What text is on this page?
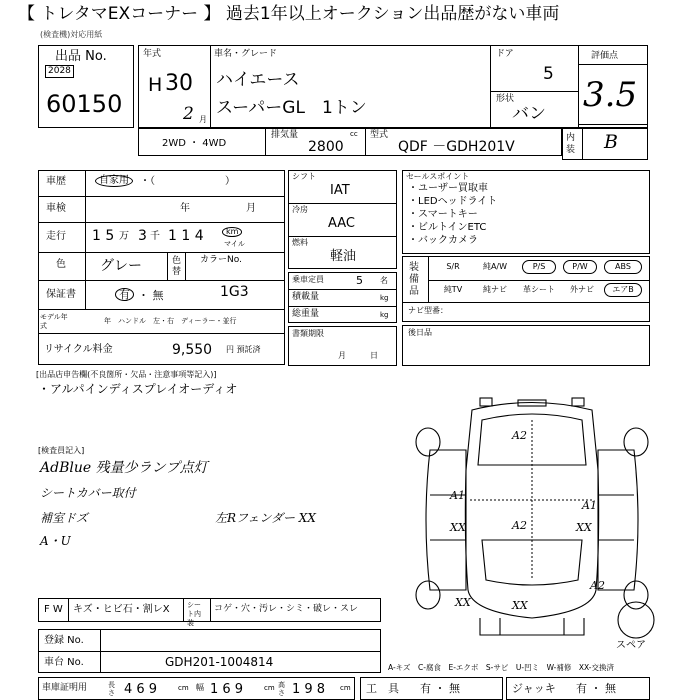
【 トレタマEXコーナー 】 過去1年以上オークション出品歴がない車両
(検査機)対応用紙
出品 No.
2028
60150
年式
H 30
2 月
車名・グレード
ハイエース
スーパーGL　1トン
ドア
5
形状
バン
評価点
3.5
内装 B
2WD ・ 4WD
排気量
2800
cc 型式
QDF －GDH201V
車歴	自家用	・（　　　　　　　）
車検	年	月
走行 1 5 万 3 千 1 1 4	km
マイル
色 グレー	色替
カラーNo.
1G3
保証書	有 ・ 無
モデル年式
年　ハンドル　左・右　ディーラー・並行
リサイクル料金	9,550 円 預託済
シフト
IAT
冷房
AAC
燃料
軽油
乗車定員	5 名
積載量	kg
総重量	kg
書類期限
月　　　日
セールスポイント
・ユーザー買取車
・LEDヘッドライト
・スマートキー
・ビルトインETC
・バックカメラ
装備品
S/R	純A/W	P/S	P/W	ABS
純TV	純ナビ	革シート	外ナビ	エアB
ナビ型番：
後日品
[出品店申告欄(不良箇所・欠品・注意事項等記入)]
・アルパインディスプレイオーディオ
[検査員記入]
AdBlue 残量少ランプ点灯
シートカバー取付
補室ドズ	左Rフェンダー XX
A・U
A2
A1
XX	A2	XX
A1
XX
A2
XX
スペア
F W キズ・ヒビ石・割レX シート内装
コゲ・穴・汚レ・シミ・破レ・スレ
登録 No.
車台 No.	GDH201-1004814	A-キズ　C-腐食　E-エクボ　S-サビ　U-凹ミ　W-補修　XX-交換済
車庫証明用	長さ 4 6 9	cm 幅 1 6 9	cm 高さ 1 9 8 cm 工　具 有 ・ 無	ジャッキ 有 ・ 無
